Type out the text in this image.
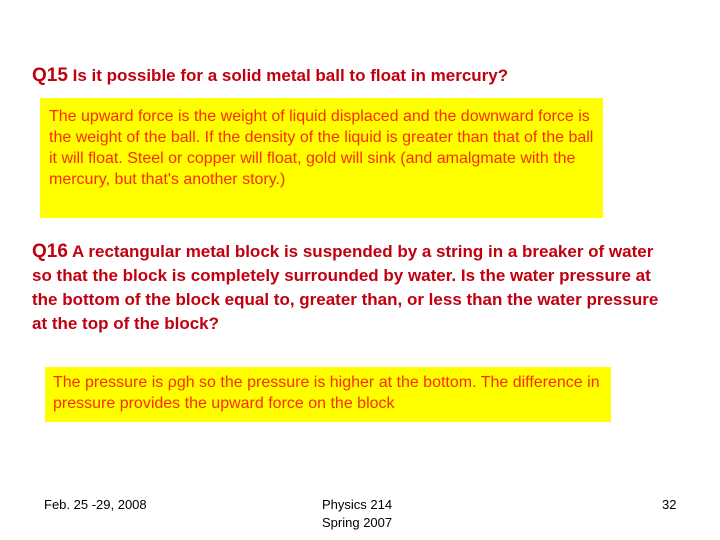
Q15 Is it possible for a solid metal ball to float in mercury?
The upward force is the weight of liquid displaced and the downward force is the weight of the ball. If the density of the liquid is greater than that of the ball it will float. Steel or copper will float, gold will sink (and amalgmate with the mercury, but that's another story.)
Q16 A rectangular metal block is suspended by a string in a breaker of water so that the block is completely surrounded by water. Is the water pressure at the bottom of the block equal to, greater than, or less than the water pressure at the top of the block?
The pressure is ρgh so the pressure is higher at the bottom. The difference in pressure provides the upward force on the block
Feb. 25 -29, 2008	Physics 214
Spring 2007
32
